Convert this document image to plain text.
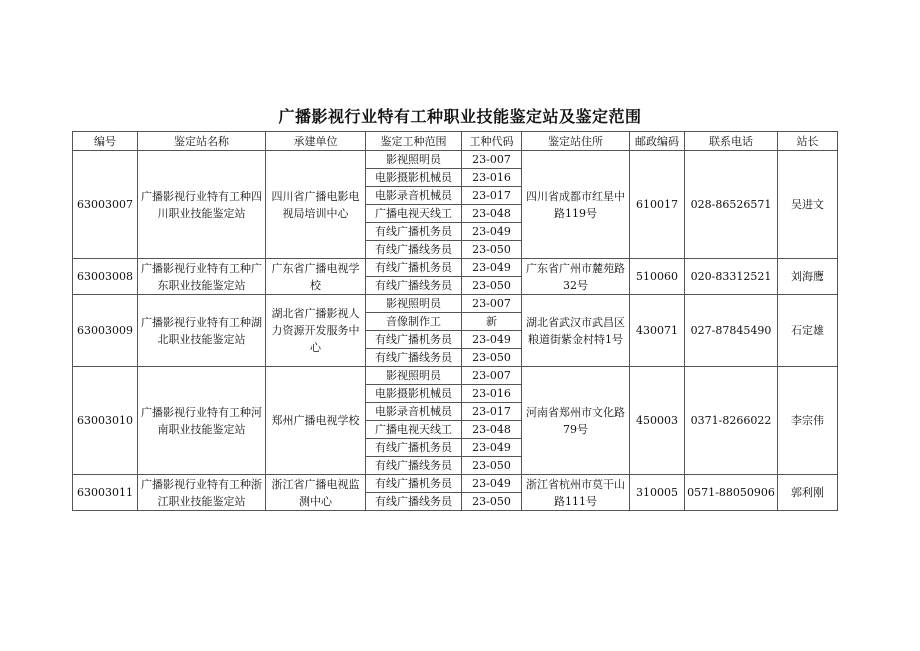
广播影视行业特有工种职业技能鉴定站及鉴定范围
编号	鉴定站名称	承建单位	鉴定工种范围	工种代码	鉴定站住所	邮政编码	联系电话	站长
63003007	广播影视行业特有工种四川职业技能鉴定站	四川省广播电影电视局培训中心	影视照明员	23-007	四川省成都市红星中路119号	610017	028-86526571	吴进文
			电影摄影机械员	23-016				
			电影录音机械员	23-017				
			广播电视天线工	23-048				
			有线广播机务员	23-049				
			有线广播线务员	23-050				
63003008	广播影视行业特有工种广东职业技能鉴定站	广东省广播电视学校	有线广播机务员	23-049	广东省广州市麓苑路32号	510060	020-83312521	刘海鹰
			有线广播线务员	23-050				
63003009	广播影视行业特有工种湖北职业技能鉴定站	湖北省广播影视人力资源开发服务中心	影视照明员	23-007	湖北省武汉市武昌区粮道街紫金村特1号	430071	027-87845490	石定雄
			音像制作工	新				
			有线广播机务员	23-049				
			有线广播线务员	23-050				
63003010	广播影视行业特有工种河南职业技能鉴定站	郑州广播电视学校	影视照明员	23-007	河南省郑州市文化路79号	450003	0371-8266022	李宗伟
			电影摄影机械员	23-016				
			电影录音机械员	23-017				
			广播电视天线工	23-048				
			有线广播机务员	23-049				
			有线广播线务员	23-050				
63003011	广播影视行业特有工种浙江职业技能鉴定站	浙江省广播电视监测中心	有线广播机务员	23-049	浙江省杭州市莫干山路111号	310005	0571-88050906	郭利刚
			有线广播线务员	23-050				
